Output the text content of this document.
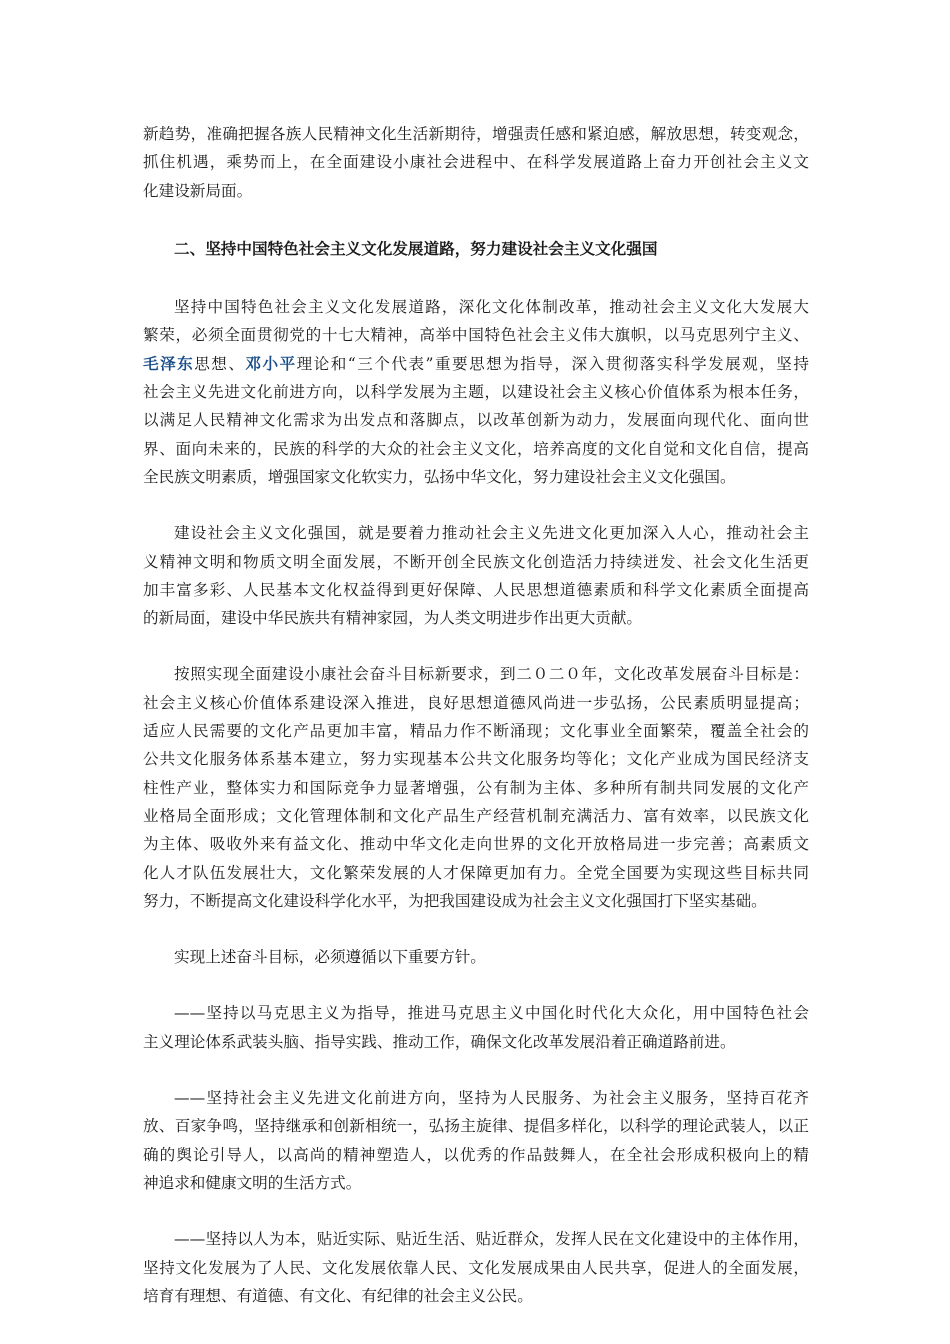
新趋势，准确把握各族人民精神文化生活新期待，增强责任感和紧迫感，解放思想，转变观念，
抓住机遇，乘势而上，在全面建设小康社会进程中、在科学发展道路上奋力开创社会主义文
化建设新局面。
二、坚持中国特色社会主义文化发展道路，努力建设社会主义文化强国
坚持中国特色社会主义文化发展道路，深化文化体制改革，推动社会主义文化大发展大
繁荣，必须全面贯彻党的十七大精神，高举中国特色社会主义伟大旗帜，以马克思列宁主义、
毛泽东思想、邓小平理论和“三个代表”重要思想为指导，深入贯彻落实科学发展观，坚持
社会主义先进文化前进方向，以科学发展为主题，以建设社会主义核心价值体系为根本任务，
以满足人民精神文化需求为出发点和落脚点，以改革创新为动力，发展面向现代化、面向世
界、面向未来的，民族的科学的大众的社会主义文化，培养高度的文化自觉和文化自信，提高
全民族文明素质，增强国家文化软实力，弘扬中华文化，努力建设社会主义文化强国。
建设社会主义文化强国，就是要着力推动社会主义先进文化更加深入人心，推动社会主
义精神文明和物质文明全面发展，不断开创全民族文化创造活力持续迸发、社会文化生活更
加丰富多彩、人民基本文化权益得到更好保障、人民思想道德素质和科学文化素质全面提高
的新局面，建设中华民族共有精神家园，为人类文明进步作出更大贡献。
按照实现全面建设小康社会奋斗目标新要求，到二０二０年，文化改革发展奋斗目标是：
社会主义核心价值体系建设深入推进，良好思想道德风尚进一步弘扬，公民素质明显提高；
适应人民需要的文化产品更加丰富，精品力作不断涌现；文化事业全面繁荣，覆盖全社会的
公共文化服务体系基本建立，努力实现基本公共文化服务均等化；文化产业成为国民经济支
柱性产业，整体实力和国际竞争力显著增强，公有制为主体、多种所有制共同发展的文化产
业格局全面形成；文化管理体制和文化产品生产经营机制充满活力、富有效率，以民族文化
为主体、吸收外来有益文化、推动中华文化走向世界的文化开放格局进一步完善；高素质文
化人才队伍发展壮大，文化繁荣发展的人才保障更加有力。全党全国要为实现这些目标共同
努力，不断提高文化建设科学化水平，为把我国建设成为社会主义文化强国打下坚实基础。
实现上述奋斗目标，必须遵循以下重要方针。
——坚持以马克思主义为指导，推进马克思主义中国化时代化大众化，用中国特色社会
主义理论体系武装头脑、指导实践、推动工作，确保文化改革发展沿着正确道路前进。
——坚持社会主义先进文化前进方向，坚持为人民服务、为社会主义服务，坚持百花齐
放、百家争鸣，坚持继承和创新相统一，弘扬主旋律、提倡多样化，以科学的理论武装人，以正
确的舆论引导人，以高尚的精神塑造人，以优秀的作品鼓舞人，在全社会形成积极向上的精
神追求和健康文明的生活方式。
——坚持以人为本，贴近实际、贴近生活、贴近群众，发挥人民在文化建设中的主体作用，
坚持文化发展为了人民、文化发展依靠人民、文化发展成果由人民共享，促进人的全面发展，
培育有理想、有道德、有文化、有纪律的社会主义公民。
